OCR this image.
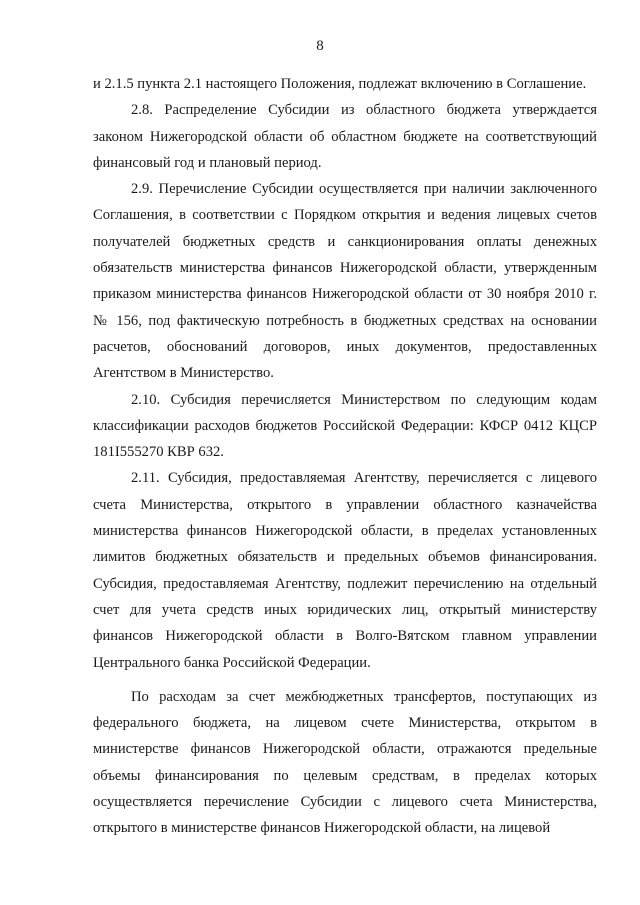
8

и 2.1.5 пункта 2.1 настоящего Положения, подлежат включению в Соглашение.

2.8. Распределение Субсидии из областного бюджета утверждается законом Нижегородской области об областном бюджете на соответствующий финансовый год и плановый период.

2.9. Перечисление Субсидии осуществляется при наличии заключенного Соглашения, в соответствии с Порядком открытия и ведения лицевых счетов получателей бюджетных средств и санкционирования оплаты денежных обязательств министерства финансов Нижегородской области, утвержденным приказом министерства финансов Нижегородской области от 30 ноября 2010 г. № 156, под фактическую потребность в бюджетных средствах на основании расчетов, обоснований договоров, иных документов, предоставленных Агентством в Министерство.

2.10. Субсидия перечисляется Министерством по следующим кодам классификации расходов бюджетов Российской Федерации: КФСР 0412 КЦСР 181I555270 КВР 632.

2.11. Субсидия, предоставляемая Агентству, перечисляется с лицевого счета Министерства, открытого в управлении областного казначейства министерства финансов Нижегородской области, в пределах установленных лимитов бюджетных обязательств и предельных объемов финансирования. Субсидия, предоставляемая Агентству, подлежит перечислению на отдельный счет для учета средств иных юридических лиц, открытый министерству финансов Нижегородской области в Волго-Вятском главном управлении Центрального банка Российской Федерации.

По расходам за счет межбюджетных трансфертов, поступающих из федерального бюджета, на лицевом счете Министерства, открытом в министерстве финансов Нижегородской области, отражаются предельные объемы финансирования по целевым средствам, в пределах которых осуществляется перечисление Субсидии с лицевого счета Министерства, открытого в министерстве финансов Нижегородской области, на лицевой
